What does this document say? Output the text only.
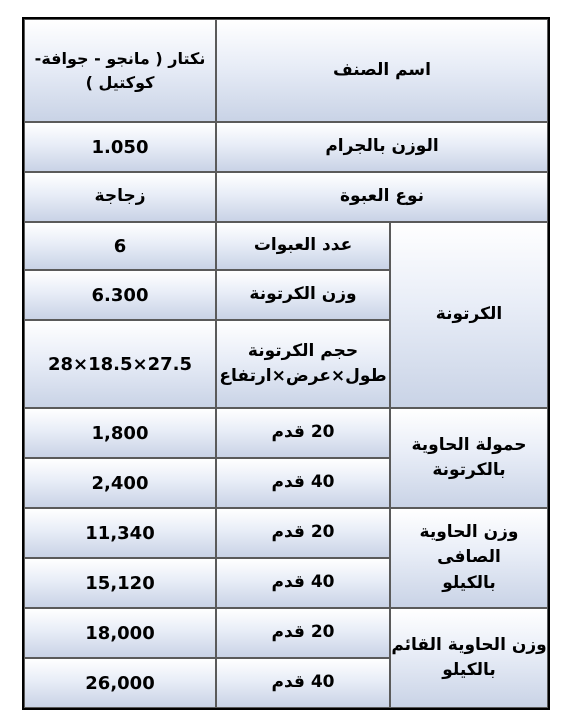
اسم الصنف
نكتار ( مانجو - جوافة-
كوكتيل )
الوزن بالجرام
1.050
نوع العبوة
زجاجة
الكرتونة
عدد العبوات
6
وزن الكرتونة
6.300
حجم الكرتونة
طول×عرض×ارتفاع
28×18.5×27.5
حمولة الحاوية
بالكرتونة
20 قدم
1,800
40 قدم
2,400
وزن الحاوية الصافى
بالكيلو
20 قدم
11,340
40 قدم
15,120
وزن الحاوية القائم
بالكيلو
20 قدم
18,000
40 قدم
26,000
